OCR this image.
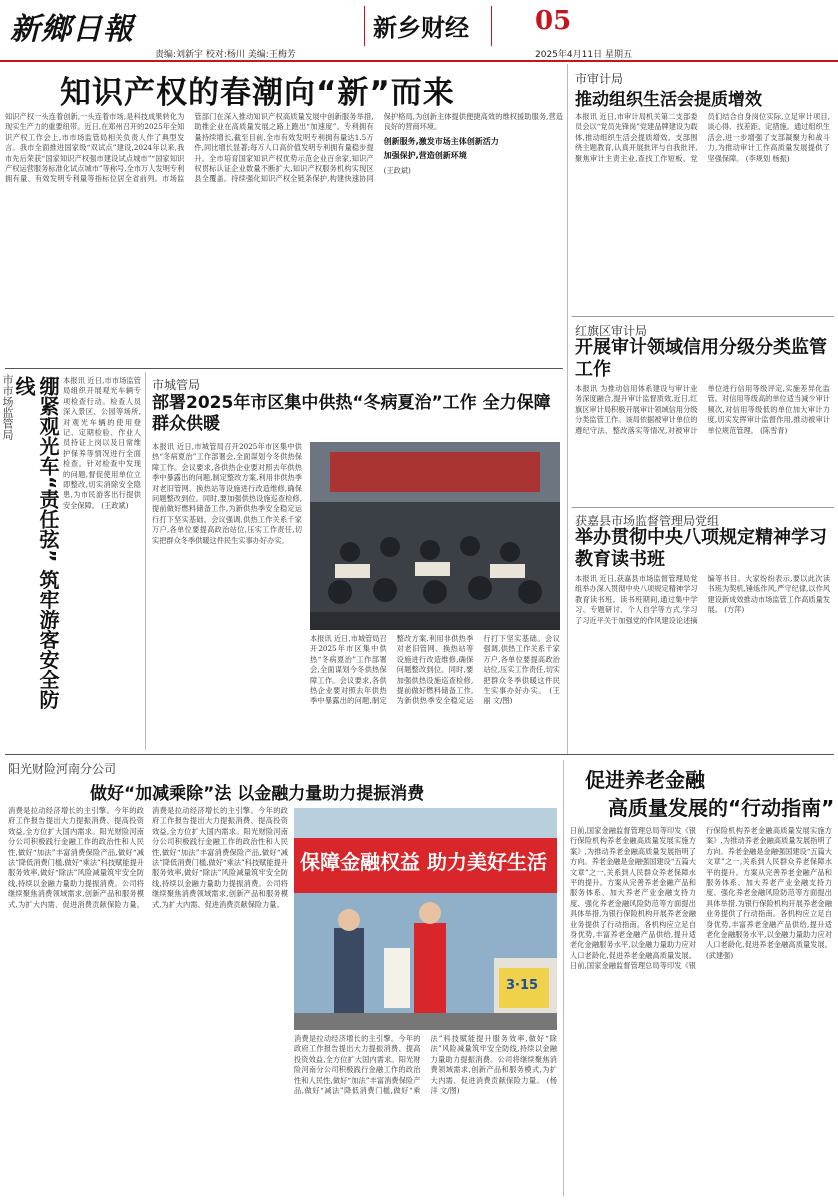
新鄉日報	新乡财经	05
责编:刘新宇 校对:杨川 美编:王梅芳	2025年4月11日 星期五
知识产权的春潮向“新”而来
知识产权一头连着创新,一头连着市场,是科技成果转化为现实生产力的重要纽带。近日,在郑州召开的2025年全知识产权工作会上,市市场监管局相关负责人作了典型发言。我市全面推进国家级“双试点”建设,2024年以来,我市先后荣获“国家知识产权强市建设试点城市”“国家知识产权运营服务标准化试点城市”等称号,全市万人发明专利拥有量、有效发明专利量等指标位居全省前列。市场监管部门在深入推动知识产权高质量发展中创新服务举措,助推企业在高质量发展之路上跑出“加速度”。专利拥有量持续增长,截至目前,全市有效发明专利拥有量达1.5万件,同比增长显著;每万人口高价值发明专利拥有量稳步提升。全市培育国家知识产权优势示范企业百余家,知识产权贯标认证企业数量不断扩大,知识产权服务机构实现区县全覆盖。持续强化知识产权全链条保护,构建快速协同保护格局,为创新主体提供便捷高效的维权援助服务,营造良好的营商环境。
创新服务,激发市场主体创新活力
加强保护,营造创新环境
(王政斌)
市审计局
推动组织生活会提质增效
本报讯 近日,市审计局机关第二支部委员会以“党员先锋岗”党建品牌建设为载体,推动组织生活会提质增效。支部围绕主题教育,认真开展批评与自我批评,聚焦审计主责主业,查找工作短板。党员们结合自身岗位实际,立足审计项目,谈心得、找差距、定措施。通过组织生活会,进一步增强了支部凝聚力和战斗力,为推动审计工作高质量发展提供了坚强保障。 (李规划 杨振)
红旗区审计局
开展审计领域信用分级分类监管工作
本报讯 为推动信用体系建设与审计业务深度融合,提升审计监督质效,近日,红旗区审计局积极开展审计领域信用分级分类监管工作。该局依据被审计单位的遵纪守法、整改落实等情况,对被审计单位进行信用等级评定,实施差异化监管。对信用等级高的单位适当减少审计频次,对信用等级低的单位加大审计力度,切实发挥审计监督作用,推动被审计单位规范管理。 (陈雪青)
获嘉县市场监督管理局党组
举办贯彻中央八项规定精神学习教育读书班
本报讯 近日,获嘉县市场监督管理局党组举办深入贯彻中央八项规定精神学习教育读书班。读书班期间,通过集中学习、专题研讨、个人自学等方式,学习了习近平关于加强党的作风建设论述摘编等书目。大家纷纷表示,要以此次读书班为契机,锤炼作风,严守纪律,以作风建设新成效推动市场监管工作高质量发展。 (方萍)
市市场监管局	绷紧观光车“责任弦” 筑牢游客安全防线	本报讯 近日,市市场监管局组织开展观光车辆专项检查行动。检查人员深入景区、公园等场所,对观光车辆的使用登记、定期检验、作业人员持证上岗以及日常维护保养等情况进行全面检查。针对检查中发现的问题,督促使用单位立即整改,切实消除安全隐患,为市民游客出行提供安全保障。 (王政斌)
市城管局
部署2025年市区集中供热“冬病夏治”工作 全力保障群众供暖
本报讯 近日,市城管局召开2025年市区集中供热“冬病夏治”工作部署会,全面谋划今冬供热保障工作。会议要求,各供热企业要对照去年供热季中暴露出的问题,制定整改方案,利用非供热季对老旧管网、换热站等设施进行改造维修,确保问题整改到位。同时,要加强供热设施巡查检修,提前做好燃料储备工作,为新供热季安全稳定运行打下坚实基础。会议强调,供热工作关系千家万户,各单位要提高政治站位,压实工作责任,切实把群众冬季供暖这件民生实事办好办实。
本报讯 近日,市城管局召开2025年市区集中供热“冬病夏治”工作部署会,全面谋划今冬供热保障工作。会议要求,各供热企业要对照去年供热季中暴露出的问题,制定整改方案,利用非供热季对老旧管网、换热站等设施进行改造维修,确保问题整改到位。同时,要加强供热设施巡查检修,提前做好燃料储备工作,为新供热季安全稳定运行打下坚实基础。会议强调,供热工作关系千家万户,各单位要提高政治站位,压实工作责任,切实把群众冬季供暖这件民生实事办好办实。 (王丽 文/图)
阳光财险河南分公司
做好“加减乘除”法 以金融力量助力提振消费
消费是拉动经济增长的主引擎。今年的政府工作报告提出大力提振消费、提高投资效益,全方位扩大国内需求。阳光财险河南分公司积极践行金融工作的政治性和人民性,做好“加法”丰富消费保险产品,做好“减法”降低消费门槛,做好“乘法”科技赋能提升服务效率,做好“除法”风险减量筑牢安全防线,持续以金融力量助力提振消费。公司将继续聚焦消费领域需求,创新产品和服务模式,为扩大内需、促进消费贡献保险力量。 消费是拉动经济增长的主引擎。今年的政府工作报告提出大力提振消费、提高投资效益,全方位扩大国内需求。阳光财险河南分公司积极践行金融工作的政治性和人民性,做好“加法”丰富消费保险产品,做好“减法”降低消费门槛,做好“乘法”科技赋能提升服务效率,做好“除法”风险减量筑牢安全防线,持续以金融力量助力提振消费。公司将继续聚焦消费领域需求,创新产品和服务模式,为扩大内需、促进消费贡献保险力量。
保障金融权益 助力美好生活
3·15
消费是拉动经济增长的主引擎。今年的政府工作报告提出大力提振消费、提高投资效益,全方位扩大国内需求。阳光财险河南分公司积极践行金融工作的政治性和人民性,做好“加法”丰富消费保险产品,做好“减法”降低消费门槛,做好“乘法”科技赋能提升服务效率,做好“除法”风险减量筑牢安全防线,持续以金融力量助力提振消费。公司将继续聚焦消费领域需求,创新产品和服务模式,为扩大内需、促进消费贡献保险力量。 (杨洋 文/图)
促进养老金融
高质量发展的“行动指南”
日前,国家金融监督管理总局等印发《银行保险机构养老金融高质量发展实施方案》,为推动养老金融高质量发展指明了方向。养老金融是金融强国建设“五篇大文章”之一,关系到人民群众养老保障水平的提升。方案从完善养老金融产品和服务体系、加大养老产业金融支持力度、强化养老金融风险防范等方面提出具体举措,为银行保险机构开展养老金融业务提供了行动指南。各机构应立足自身优势,丰富养老金融产品供给,提升适老化金融服务水平,以金融力量助力应对人口老龄化,促进养老金融高质量发展。 日前,国家金融监督管理总局等印发《银行保险机构养老金融高质量发展实施方案》,为推动养老金融高质量发展指明了方向。养老金融是金融强国建设“五篇大文章”之一,关系到人民群众养老保障水平的提升。方案从完善养老金融产品和服务体系、加大养老产业金融支持力度、强化养老金融风险防范等方面提出具体举措,为银行保险机构开展养老金融业务提供了行动指南。各机构应立足自身优势,丰富养老金融产品供给,提升适老化金融服务水平,以金融力量助力应对人口老龄化,促进养老金融高质量发展。 (武建强)
